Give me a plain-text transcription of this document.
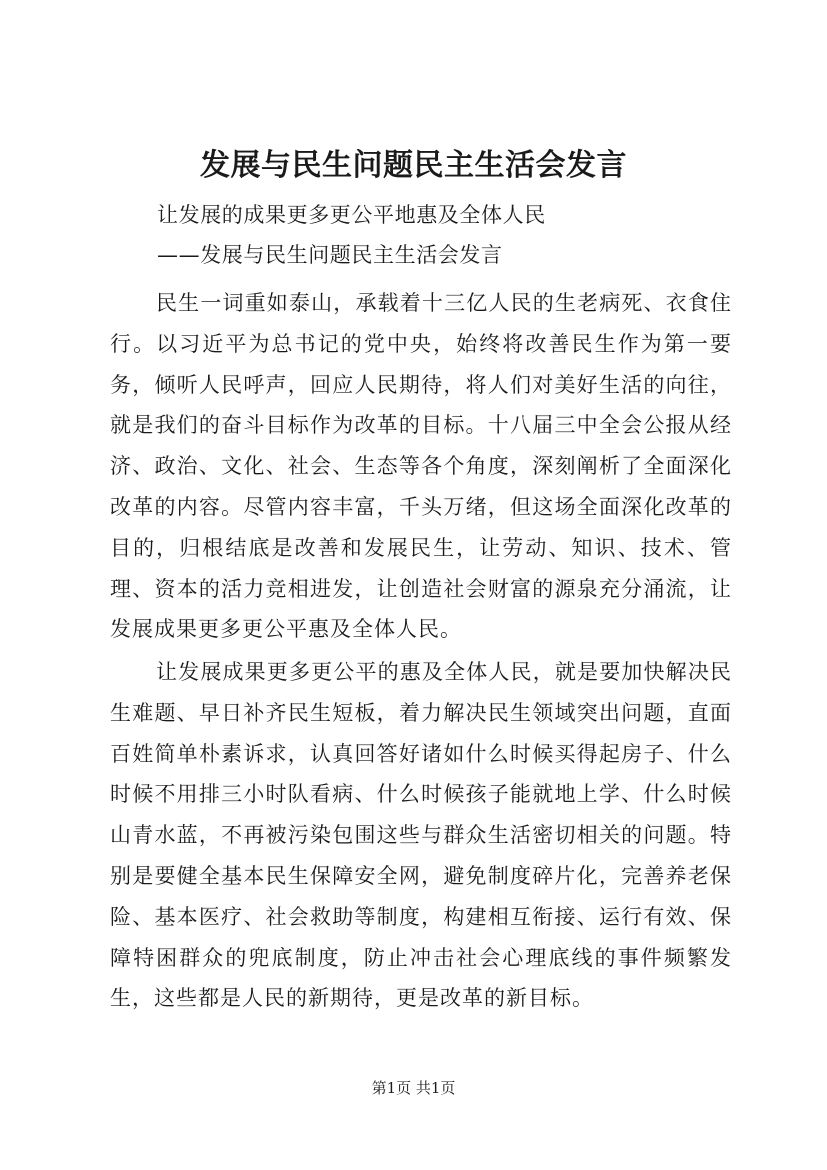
发展与民生问题民主生活会发言

让发展的成果更多更公平地惠及全体人民

——发展与民生问题民主生活会发言

民生一词重如泰山，承载着十三亿人民的生老病死、衣食住行。以习近平为总书记的党中央，始终将改善民生作为第一要务，倾听人民呼声，回应人民期待，将人们对美好生活的向往，就是我们的奋斗目标作为改革的目标。十八届三中全会公报从经济、政治、文化、社会、生态等各个角度，深刻阐析了全面深化改革的内容。尽管内容丰富，千头万绪，但这场全面深化改革的目的，归根结底是改善和发展民生，让劳动、知识、技术、管理、资本的活力竞相进发，让创造社会财富的源泉充分涌流，让发展成果更多更公平惠及全体人民。

让发展成果更多更公平的惠及全体人民，就是要加快解决民生难题、早日补齐民生短板，着力解决民生领域突出问题，直面百姓简单朴素诉求，认真回答好诸如什么时候买得起房子、什么时候不用排三小时队看病、什么时候孩子能就地上学、什么时候山青水蓝，不再被污染包围这些与群众生活密切相关的问题。特别是要健全基本民生保障安全网，避免制度碎片化，完善养老保险、基本医疗、社会救助等制度，构建相互衔接、运行有效、保障特困群众的兜底制度，防止冲击社会心理底线的事件频繁发生，这些都是人民的新期待，更是改革的新目标。

第1页 共1页
